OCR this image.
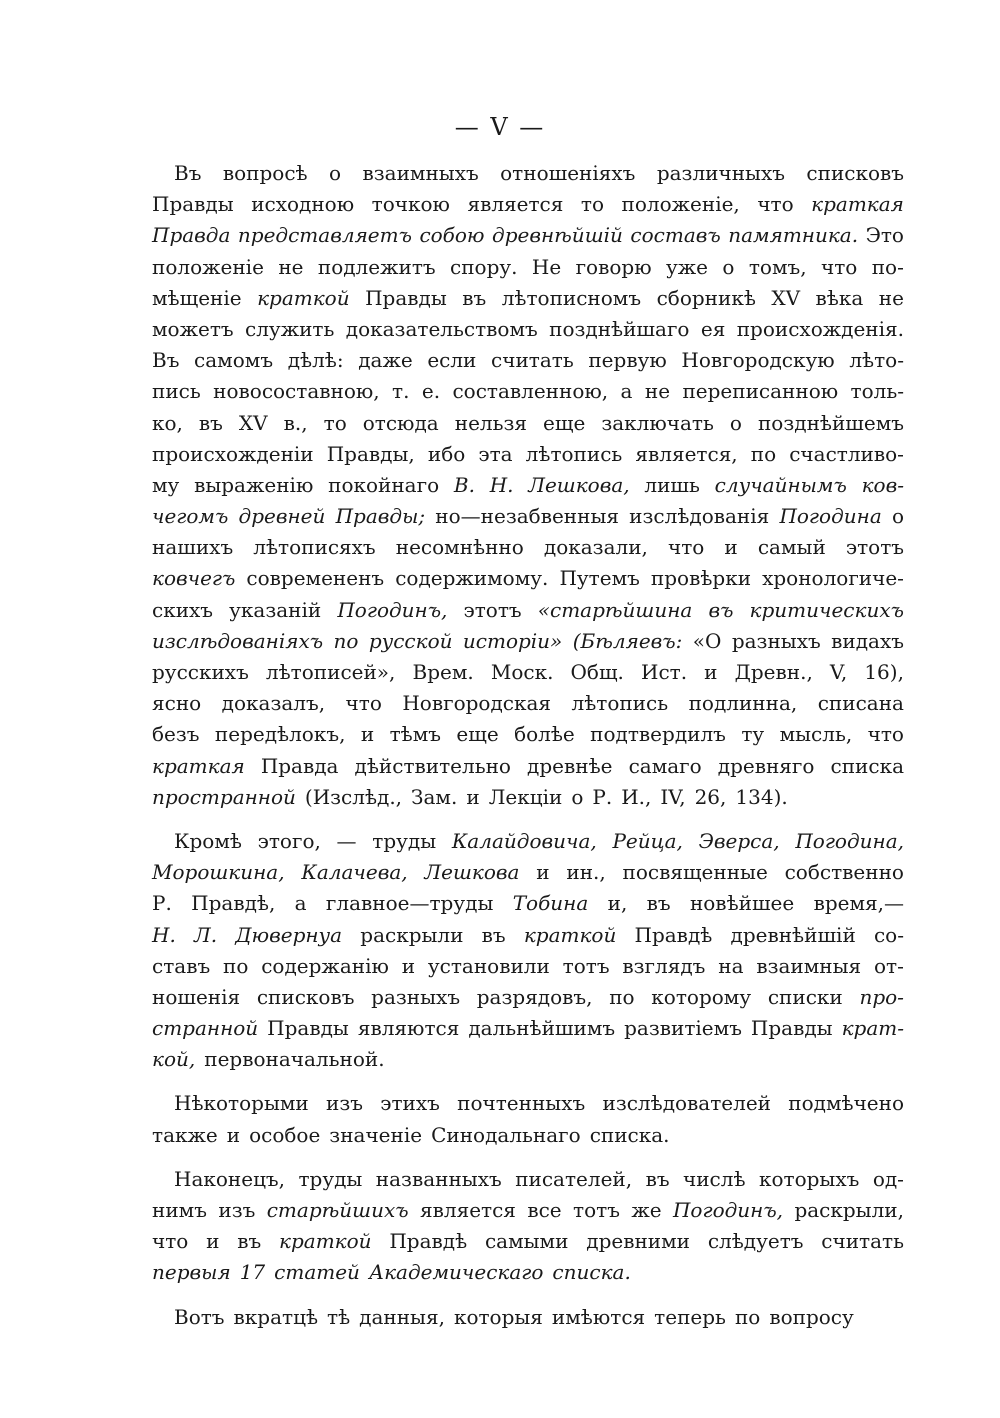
— V —
Въ вопросѣ о взаимныхъ отношеніяхъ различныхъ списковъ
Правды исходною точкою является то положеніе, что краткая
Правда представляетъ собою древнѣйшій составъ памятника. Это
положеніе не подлежитъ спору. Не говорю уже о томъ, что по-
мѣщеніе краткой Правды въ лѣтописномъ сборникѣ XV вѣка не
можетъ служить доказательствомъ позднѣйшаго ея происхожденія.
Въ самомъ дѣлѣ: даже если считать первую Новгородскую лѣто-
пись новосоставною, т. е. составленною, а не переписанною толь-
ко, въ XV в., то отсюда нельзя еще заключать о позднѣйшемъ
происхожденіи Правды, ибо эта лѣтопись является, по счастливо-
му выраженію покойнаго В. Н. Лешкова, лишь случайнымъ ков-
чегомъ древней Правды; но—незабвенныя изслѣдованія Погодина о
нашихъ лѣтописяхъ несомнѣнно доказали, что и самый этотъ
ковчегъ современенъ содержимому. Путемъ провѣрки хронологиче-
скихъ указаній Погодинъ, этотъ «старѣйшина въ критическихъ
изслѣдованіяхъ по русской исторіи» (Бѣляевъ: «О разныхъ видахъ
русскихъ лѣтописей», Врем. Моск. Общ. Ист. и Древн., V, 16),
ясно доказалъ, что Новгородская лѣтопись подлинна, списана
безъ передѣлокъ, и тѣмъ еще болѣе подтвердилъ ту мысль, что
краткая Правда дѣйствительно древнѣе самаго древняго списка
пространной (Изслѣд., Зам. и Лекціи о Р. И., IV, 26, 134).
Кромѣ этого, — труды Калайдовича, Рейца, Эверса, Погодина,
Морошкина, Калачева, Лешкова и ин., посвященные собственно
Р. Правдѣ, а главное—труды Тобина и, въ новѣйшее время,—
Н. Л. Дювернуа раскрыли въ краткой Правдѣ древнѣйшій со-
ставъ по содержанію и установили тотъ взглядъ на взаимныя от-
ношенія списковъ разныхъ разрядовъ, по которому списки про-
странной Правды являются дальнѣйшимъ развитіемъ Правды крат-
кой, первоначальной.
Нѣкоторыми изъ этихъ почтенныхъ изслѣдователей подмѣчено
также и особое значеніе Синодальнаго списка.
Наконецъ, труды названныхъ писателей, въ числѣ которыхъ од-
нимъ изъ старѣйшихъ является все тотъ же Погодинъ, раскрыли,
что и въ краткой Правдѣ самыми древними слѣдуетъ считать
первыя 17 статей Академическаго списка.
Вотъ вкратцѣ тѣ данныя, которыя имѣются теперь по вопросу
